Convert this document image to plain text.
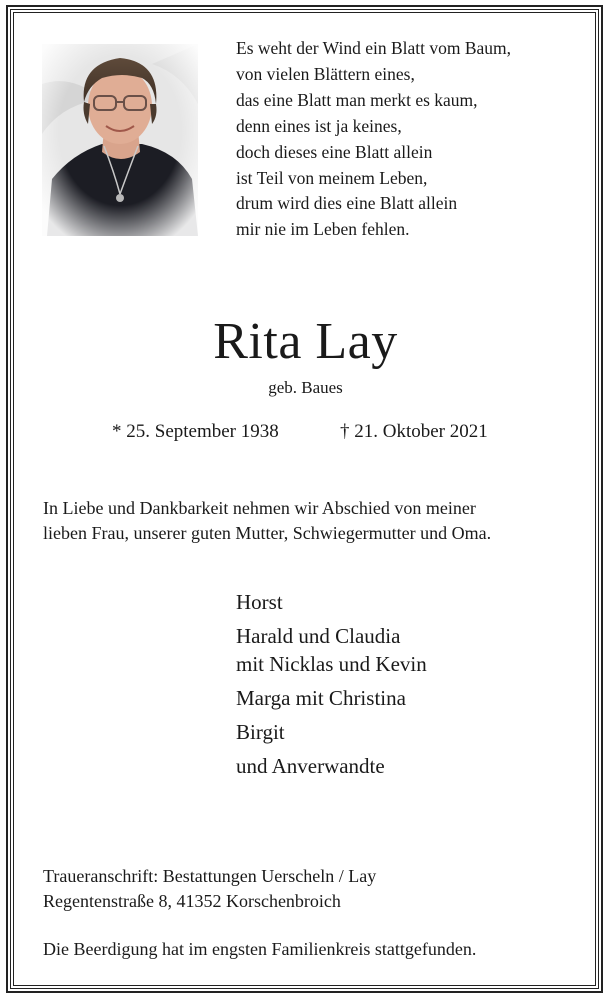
Es weht der Wind ein Blatt vom Baum,
von vielen Blättern eines,
das eine Blatt man merkt es kaum,
denn eines ist ja keines,
doch dieses eine Blatt allein
ist Teil von meinem Leben,
drum wird dies eine Blatt allein
mir nie im Leben fehlen.
Rita Lay
geb. Baues
* 25. September 1938	† 21. Oktober 2021
In Liebe und Dankbarkeit nehmen wir Abschied von meiner
lieben Frau, unserer guten Mutter, Schwiegermutter und Oma.
Horst
Harald und Claudia
mit Nicklas und Kevin
Marga mit Christina
Birgit
und Anverwandte
Traueranschrift: Bestattungen Uerscheln / Lay
Regentenstraße 8, 41352 Korschenbroich
Die Beerdigung hat im engsten Familienkreis stattgefunden.
